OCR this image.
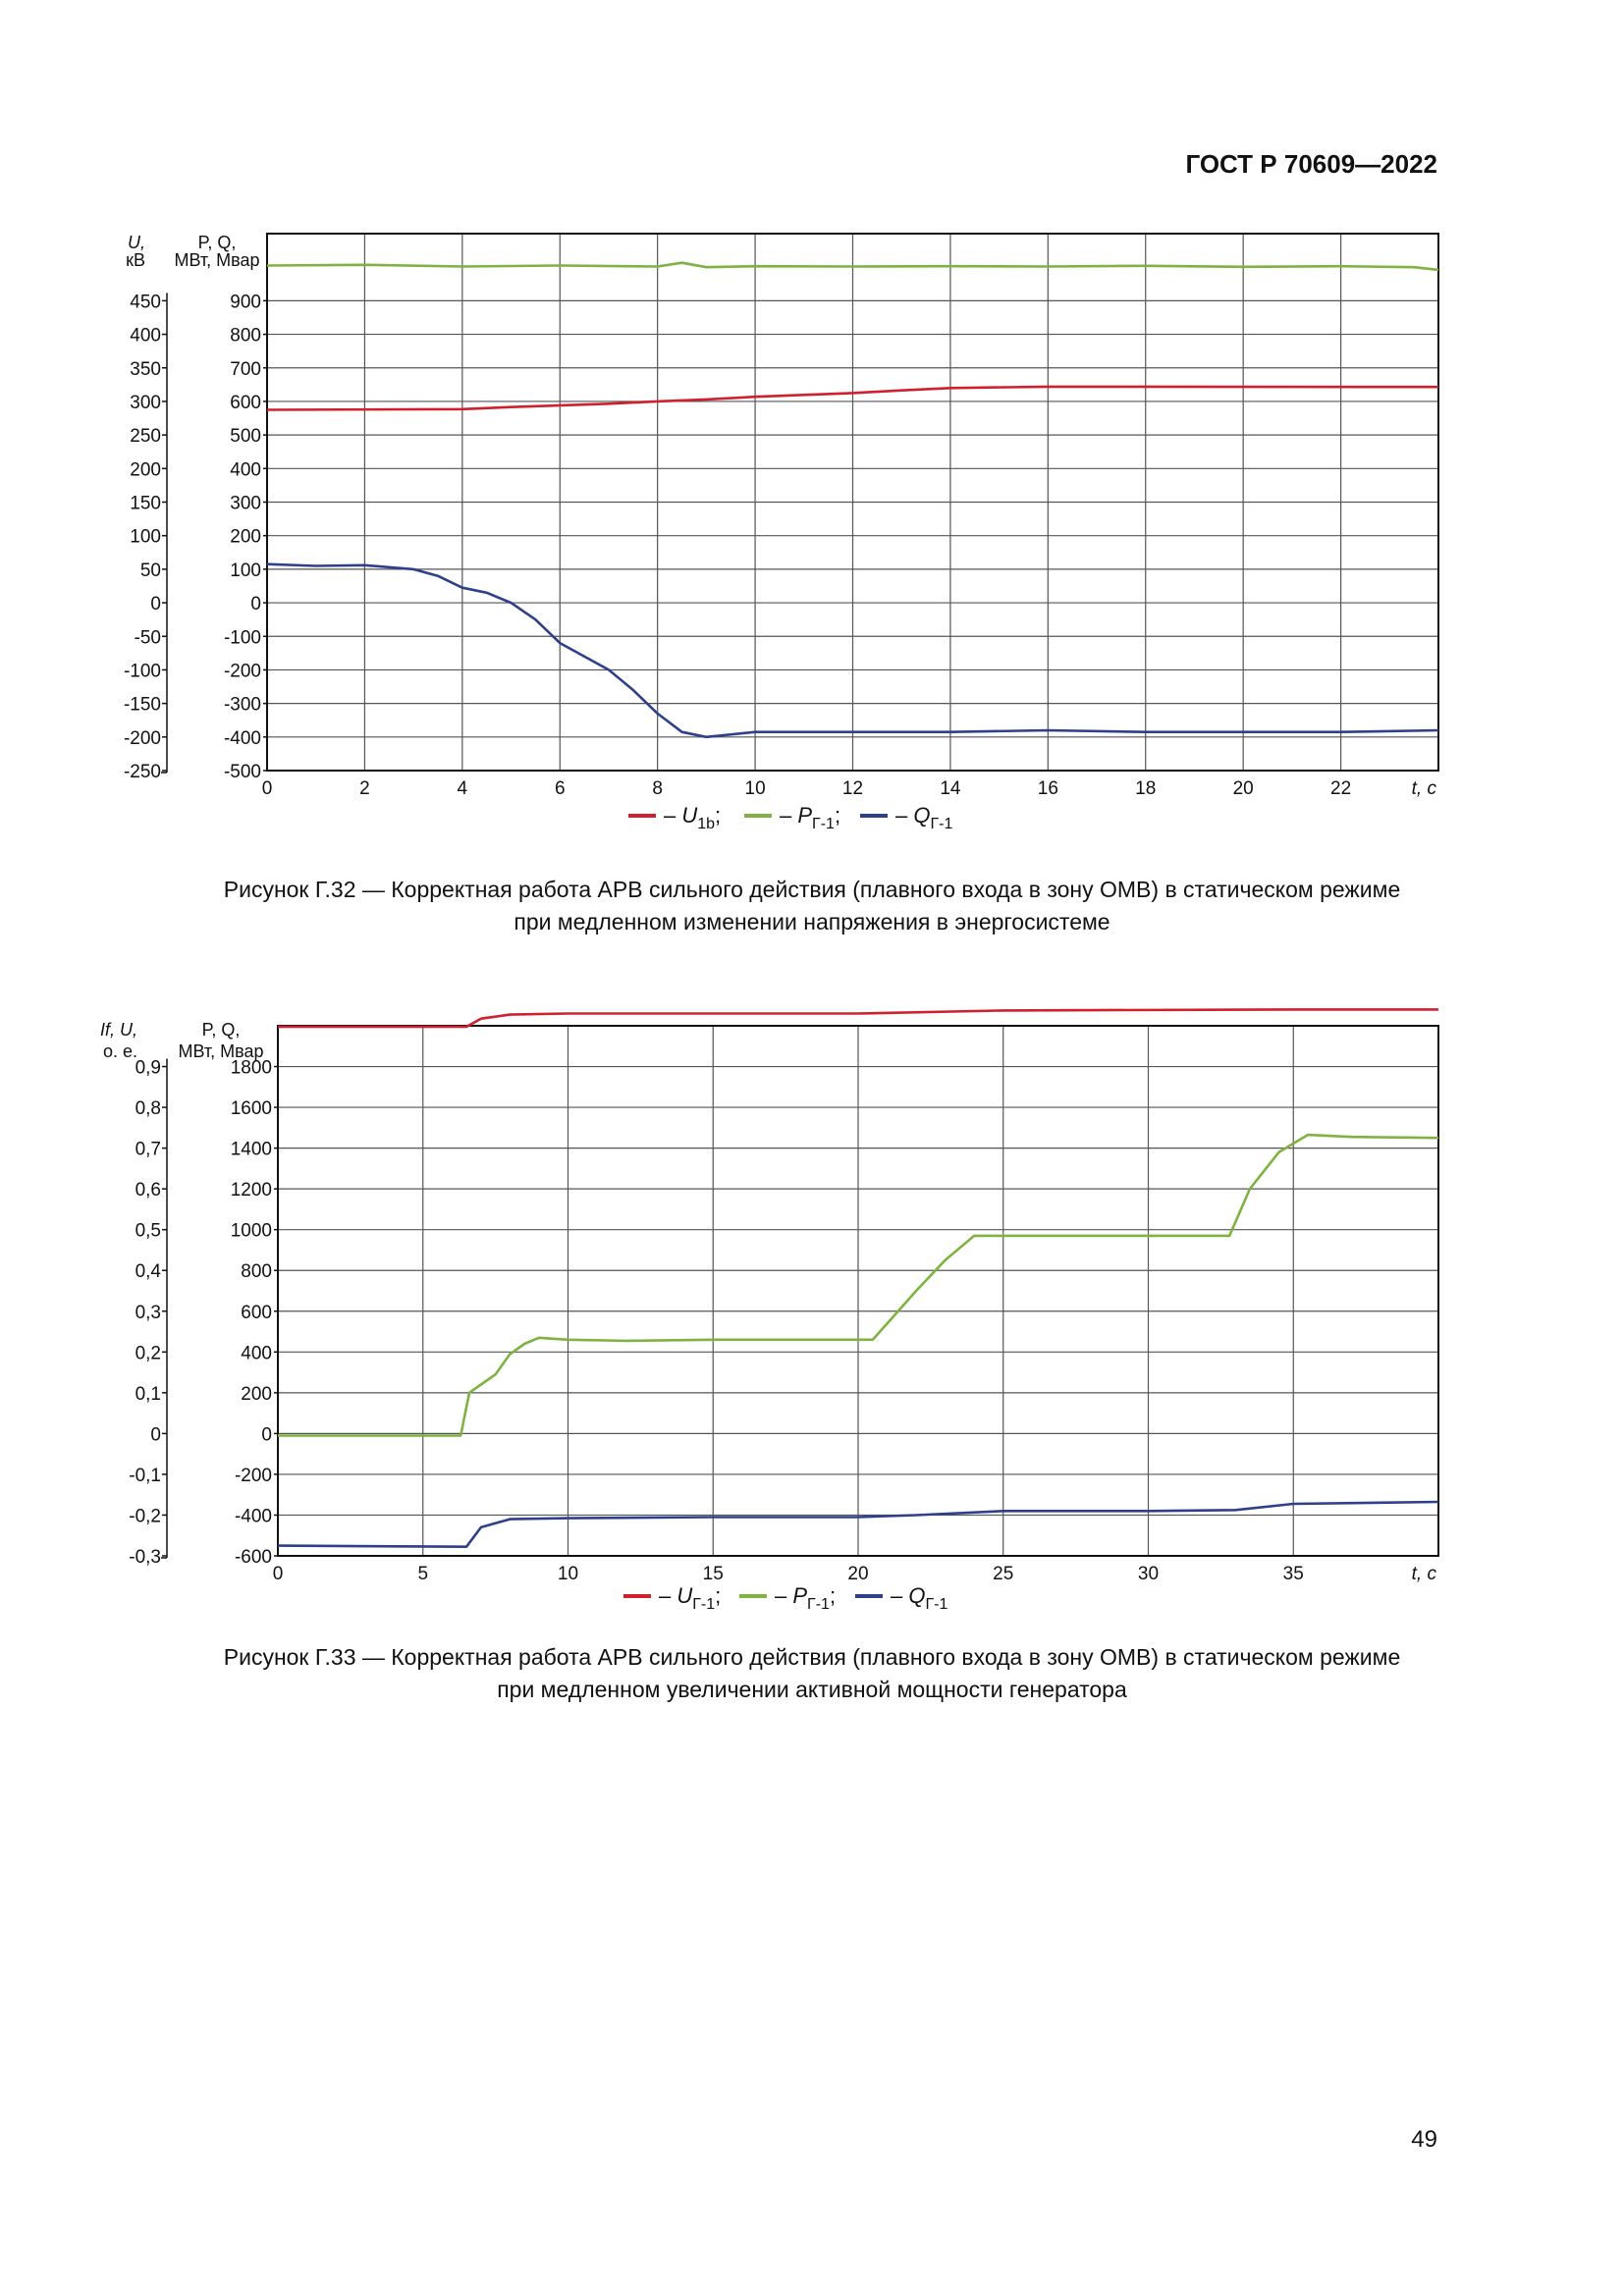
ГОСТ Р 70609—2022
900
800
700
600
500
400
300
200
100
0
-100
-200
-300
-400
-500
450
400
350
300
250
200
150
100
50
0
-50
-100
-150
-200
-250
U,
кВ
P, Q,
МВт, Мвар
0	2	4	6	8	10	12	14	16	18	20	22	t, с
– $U_{1b}$;	– $P_{Г-1}$;	– $Q_{Г-1}$
Рисунок Г.32 — Корректная работа АРВ сильного действия (плавного входа в зону ОМВ) в статическом режиме
при медленном изменении напряжения в энергосистеме
1800
1600
1400
1200
1000
800
600
400
200
0
-200
-400
-600
0,9
0,8
0,7
0,6
0,5
0,4
0,3
0,2
0,1
0
-0,1
-0,2
-0,3
If, U,
о. е.
P, Q,
МВт, Мвар
0	5	10	15	20	25	30	35	t, с
– $U_{Г-1}$; – $P_{Г-1}$;	– $Q_{Г-1}$
Рисунок Г.33 — Корректная работа АРВ сильного действия (плавного входа в зону ОМВ) в статическом режиме
при медленном увеличении активной мощности генератора
49
